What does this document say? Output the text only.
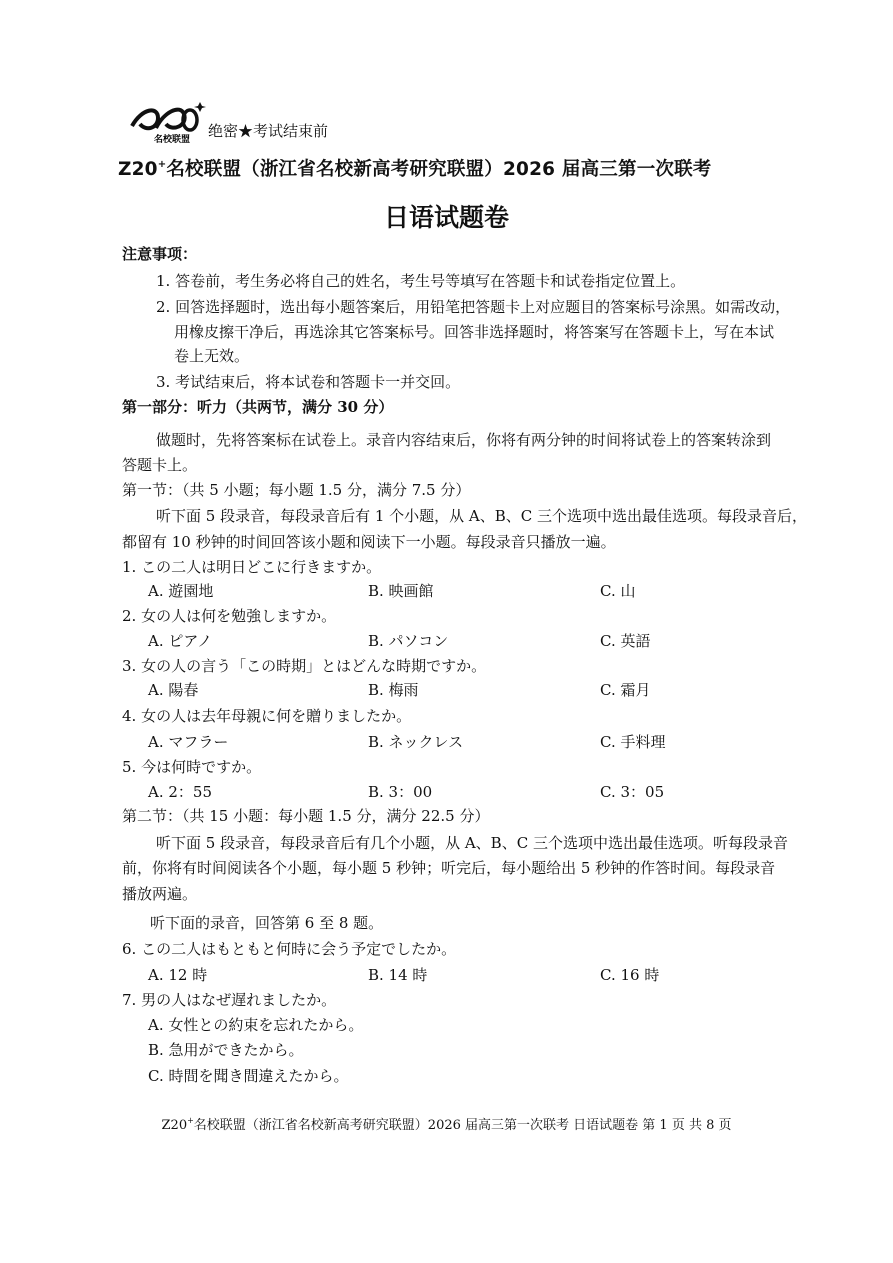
名校联盟 绝密★考试结束前
Z20+名校联盟（浙江省名校新高考研究联盟）2026 届高三第一次联考
日语试题卷
注意事项：
1. 答卷前，考生务必将自己的姓名，考生号等填写在答题卡和试卷指定位置上。
2. 回答选择题时，选出每小题答案后，用铅笔把答题卡上对应题目的答案标号涂黑。如需改动，
用橡皮擦干净后，再选涂其它答案标号。回答非选择题时，将答案写在答题卡上，写在本试
卷上无效。
3. 考试结束后，将本试卷和答题卡一并交回。
第一部分：听力（共两节，满分 30 分）
做题时，先将答案标在试卷上。录音内容结束后，你将有两分钟的时间将试卷上的答案转涂到
答题卡上。
第一节：（共 5 小题；每小题 1.5 分，满分 7.5 分）
听下面 5 段录音，每段录音后有 1 个小题，从 A、B、C 三个选项中选出最佳选项。每段录音后，
都留有 10 秒钟的时间回答该小题和阅读下一小题。每段录音只播放一遍。
1. この二人は明日どこに行きますか。
A. 遊園地	B. 映画館	C. 山
2. 女の人は何を勉強しますか。
A. ピアノ	B. パソコン	C. 英語
3. 女の人の言う「この時期」とはどんな時期ですか。
A. 陽春	B. 梅雨	C. 霜月
4. 女の人は去年母親に何を贈りましたか。
A. マフラー	B. ネックレス	C. 手料理
5. 今は何時ですか。
A. 2：55	B. 3：00	C. 3：05
第二节：（共 15 小题：每小题 1.5 分，满分 22.5 分）
听下面 5 段录音，每段录音后有几个小题，从 A、B、C 三个选项中选出最佳选项。听每段录音
前，你将有时间阅读各个小题，每小题 5 秒钟；听完后，每小题给出 5 秒钟的作答时间。每段录音
播放两遍。
听下面的录音，回答第 6 至 8 题。
6. この二人はもともと何時に会う予定でしたか。
A. 12 時	B. 14 時	C. 16 時
7. 男の人はなぜ遅れましたか。
A. 女性との約束を忘れたから。
B. 急用ができたから。
C. 時間を聞き間違えたから。
Z20+名校联盟（浙江省名校新高考研究联盟）2026 届高三第一次联考 日语试题卷 第 1 页 共 8 页
